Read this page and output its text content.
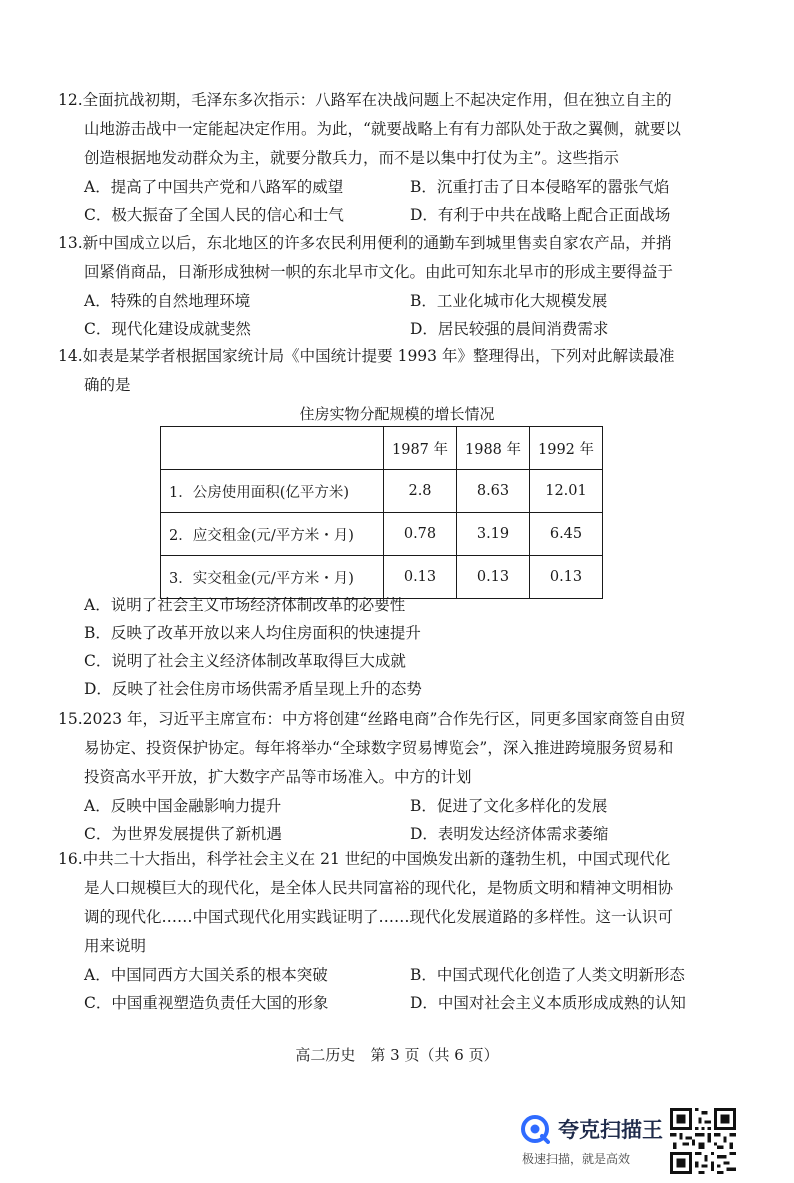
12.全面抗战初期，毛泽东多次指示：八路军在决战问题上不起决定作用，但在独立自主的
山地游击战中一定能起决定作用。为此，“就要战略上有有力部队处于敌之翼侧，就要以
创造根据地发动群众为主，就要分散兵力，而不是以集中打仗为主”。这些指示
A．提高了中国共产党和八路军的威望	B．沉重打击了日本侵略军的嚣张气焰
C．极大振奋了全国人民的信心和士气	D．有利于中共在战略上配合正面战场
13.新中国成立以后，东北地区的许多农民利用便利的通勤车到城里售卖自家农产品，并捎
回紧俏商品，日渐形成独树一帜的东北早市文化。由此可知东北早市的形成主要得益于
A．特殊的自然地理环境	B．工业化城市化大规模发展
C．现代化建设成就斐然	D．居民较强的晨间消费需求
14.如表是某学者根据国家统计局《中国统计提要 1993 年》整理得出，下列对此解读最准
确的是
住房实物分配规模的增长情况
	1987 年	1988 年	1992 年
1．公房使用面积(亿平方米)	2.8	8.63	12.01
2．应交租金(元/平方米・月)	0.78	3.19	6.45
3．实交租金(元/平方米・月)	0.13	0.13	0.13
A．说明了社会主义市场经济体制改革的必要性
B．反映了改革开放以来人均住房面积的快速提升
C．说明了社会主义经济体制改革取得巨大成就
D．反映了社会住房市场供需矛盾呈现上升的态势
15.2023 年，习近平主席宣布：中方将创建“丝路电商”合作先行区，同更多国家商签自由贸
易协定、投资保护协定。每年将举办“全球数字贸易博览会”，深入推进跨境服务贸易和
投资高水平开放，扩大数字产品等市场准入。中方的计划
A．反映中国金融影响力提升	B．促进了文化多样化的发展
C．为世界发展提供了新机遇	D．表明发达经济体需求萎缩
16.中共二十大指出，科学社会主义在 21 世纪的中国焕发出新的蓬勃生机，中国式现代化
是人口规模巨大的现代化，是全体人民共同富裕的现代化，是物质文明和精神文明相协
调的现代化……中国式现代化用实践证明了……现代化发展道路的多样性。这一认识可
用来说明
A．中国同西方大国关系的根本突破	B．中国式现代化创造了人类文明新形态
C．中国重视塑造负责任大国的形象	D．中国对社会主义本质形成成熟的认知
高二历史　第 3 页（共 6 页）
夸克扫描王
极速扫描，就是高效
